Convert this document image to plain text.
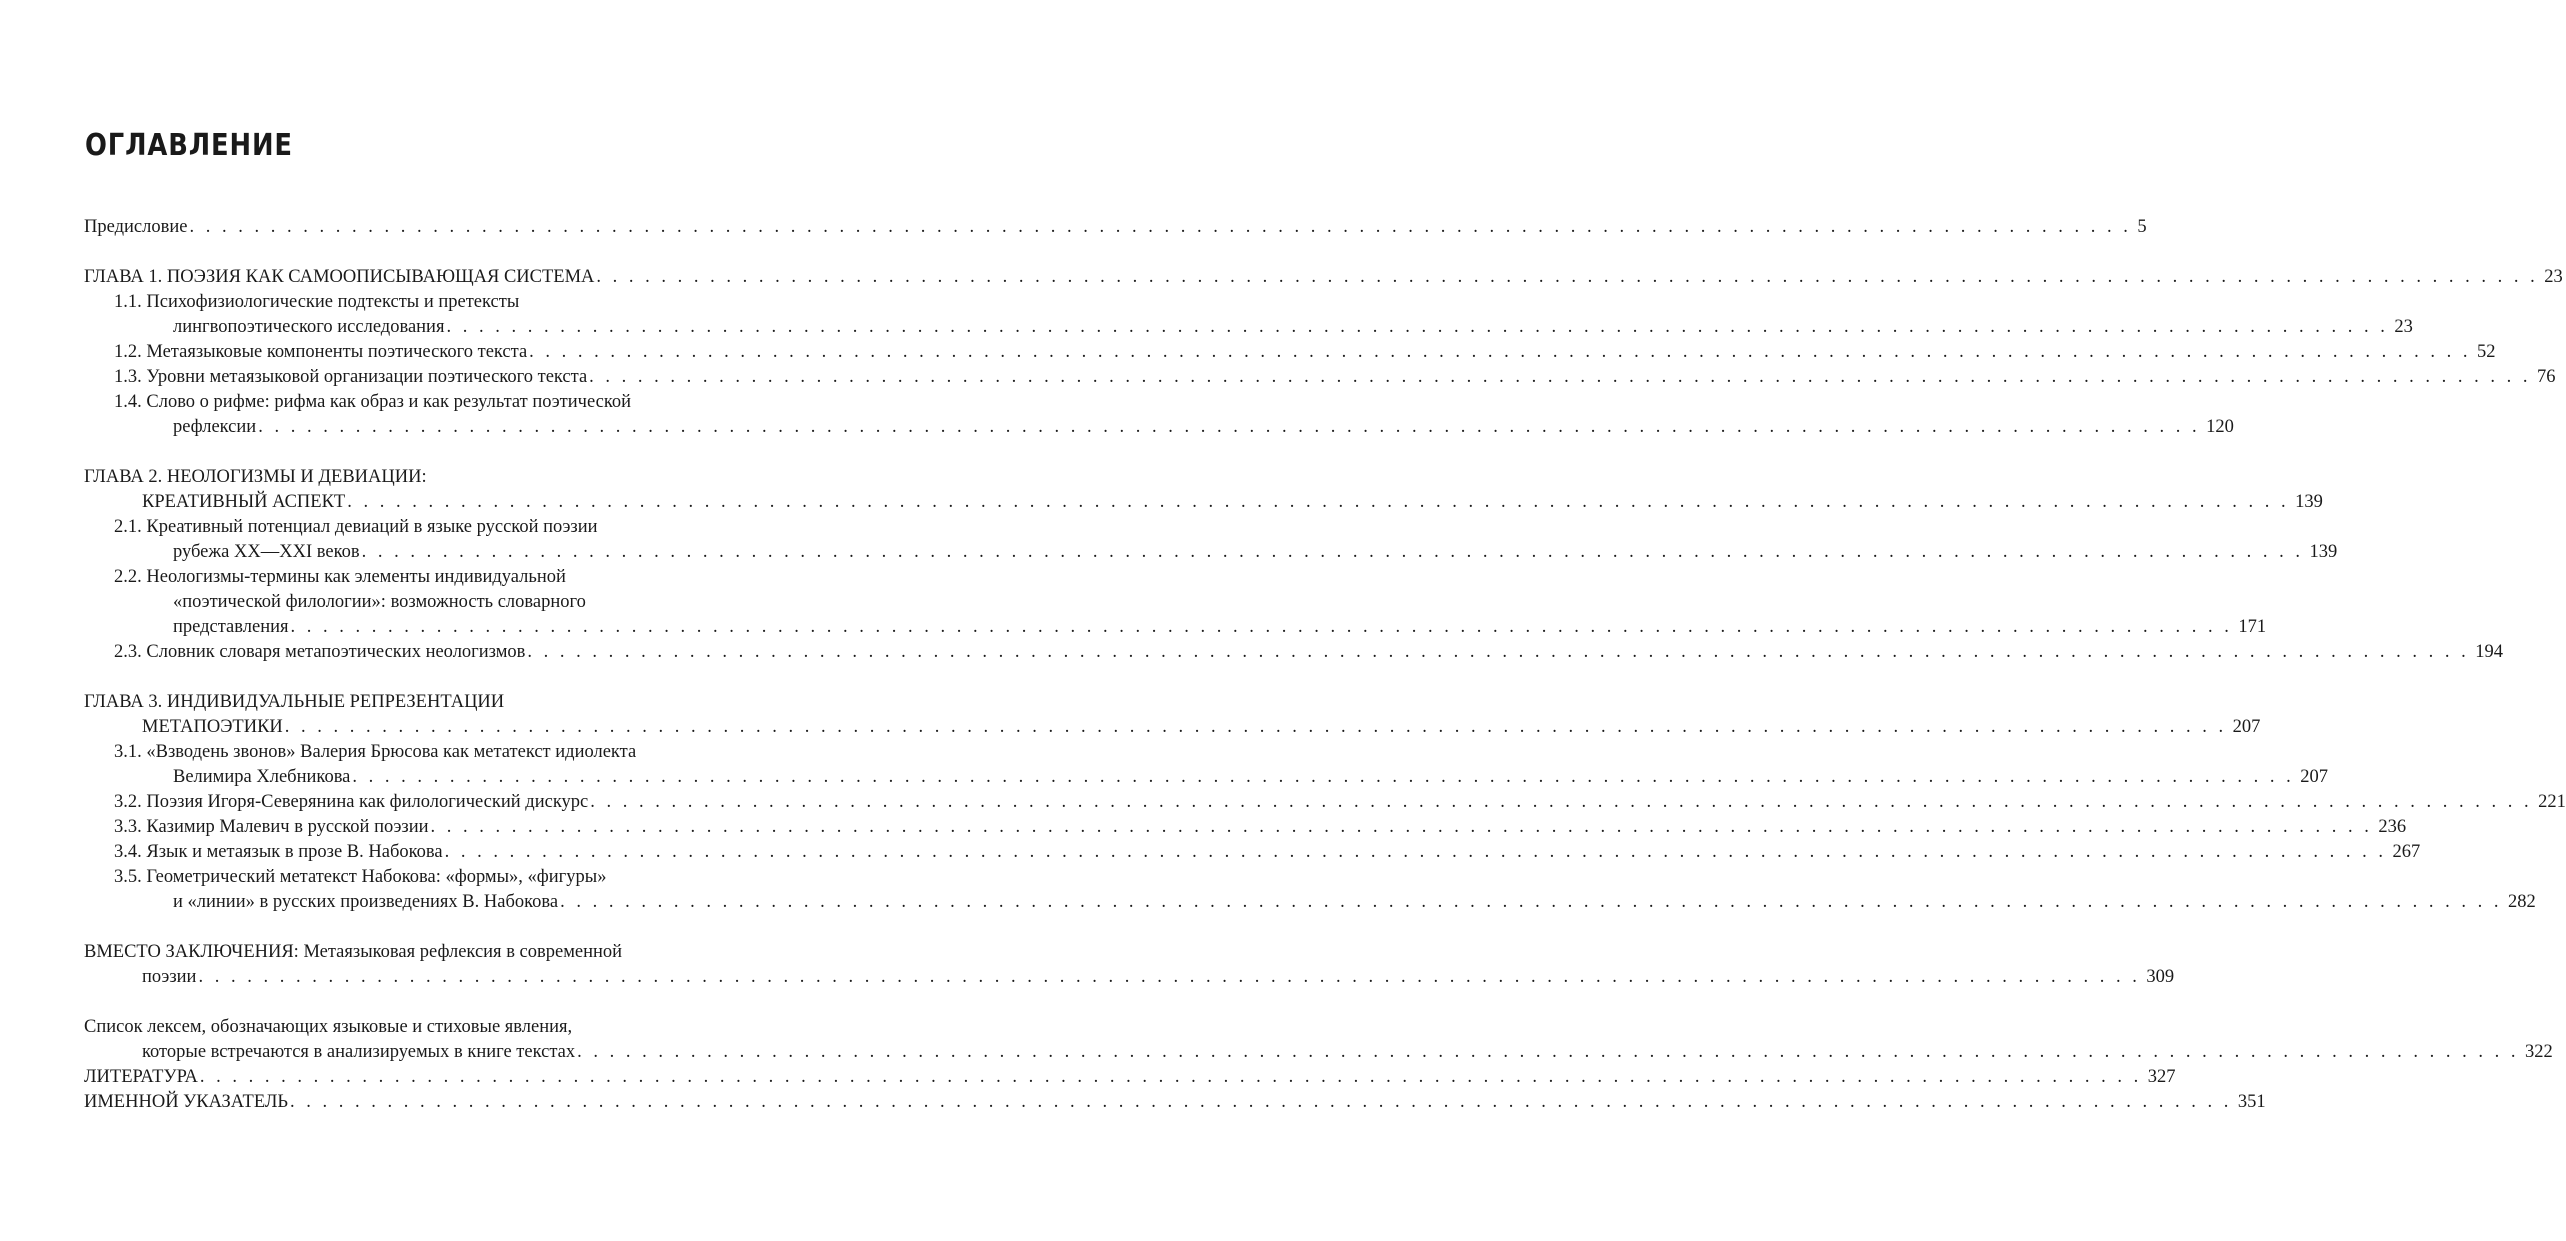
ОГЛАВЛЕНИЕ
Предисловие . . . . . . . . . . . . . . . . . . . . . . . . . . . . . . . . . . . . . . . . . . . . . . . . . . . . . . . . . . . . . . . . . . . . . . . . . . . . . . . . . . . . . . . . . . . . . . . . . . . . . . . . . . . . . . . . . . . . . . . . 5
ГЛАВА 1. ПОЭЗИЯ КАК САМООПИСЫВАЮЩАЯ СИСТЕМА . . . . . . . . . . . . . . . . . . . . . . . . . . . . . . . . . . . . . . . . . . . . . . . . . . . . . . . . . . . . . . . . . . . . . . . . . . . . . . . . . . . . . . . . . . . . . . . . . . . . . . . . . . . . . . . . . . . . . . . . 23
1.1. Психофизиологические подтексты и претексты
лингвопоэтического исследования . . . . . . . . . . . . . . . . . . . . . . . . . . . . . . . . . . . . . . . . . . . . . . . . . . . . . . . . . . . . . . . . . . . . . . . . . . . . . . . . . . . . . . . . . . . . . . . . . . . . . . . . . . . . . . . . . . . . . . . . 23
1.2. Метаязыковые компоненты поэтического текста . . . . . . . . . . . . . . . . . . . . . . . . . . . . . . . . . . . . . . . . . . . . . . . . . . . . . . . . . . . . . . . . . . . . . . . . . . . . . . . . . . . . . . . . . . . . . . . . . . . . . . . . . . . . . . . . . . . . . . . . 52
1.3. Уровни метаязыковой организации поэтического текста . . . . . . . . . . . . . . . . . . . . . . . . . . . . . . . . . . . . . . . . . . . . . . . . . . . . . . . . . . . . . . . . . . . . . . . . . . . . . . . . . . . . . . . . . . . . . . . . . . . . . . . . . . . . . . . . . . . . . . . . 76
1.4. Слово о рифме: рифма как образ и как результат поэтической
рефлексии . . . . . . . . . . . . . . . . . . . . . . . . . . . . . . . . . . . . . . . . . . . . . . . . . . . . . . . . . . . . . . . . . . . . . . . . . . . . . . . . . . . . . . . . . . . . . . . . . . . . . . . . . . . . . . . . . . . . . . . . 120
ГЛАВА 2. НЕОЛОГИЗМЫ И ДЕВИАЦИИ:
КРЕАТИВНЫЙ АСПЕКТ . . . . . . . . . . . . . . . . . . . . . . . . . . . . . . . . . . . . . . . . . . . . . . . . . . . . . . . . . . . . . . . . . . . . . . . . . . . . . . . . . . . . . . . . . . . . . . . . . . . . . . . . . . . . . . . . . . . . . . . . 139
2.1. Креативный потенциал девиаций в языке русской поэзии
рубежа XX—XXI веков . . . . . . . . . . . . . . . . . . . . . . . . . . . . . . . . . . . . . . . . . . . . . . . . . . . . . . . . . . . . . . . . . . . . . . . . . . . . . . . . . . . . . . . . . . . . . . . . . . . . . . . . . . . . . . . . . . . . . . . . 139
2.2. Неологизмы-термины как элементы индивидуальной
«поэтической филологии»: возможность словарного
представления . . . . . . . . . . . . . . . . . . . . . . . . . . . . . . . . . . . . . . . . . . . . . . . . . . . . . . . . . . . . . . . . . . . . . . . . . . . . . . . . . . . . . . . . . . . . . . . . . . . . . . . . . . . . . . . . . . . . . . . . 171
2.3. Словник словаря метапоэтических неологизмов . . . . . . . . . . . . . . . . . . . . . . . . . . . . . . . . . . . . . . . . . . . . . . . . . . . . . . . . . . . . . . . . . . . . . . . . . . . . . . . . . . . . . . . . . . . . . . . . . . . . . . . . . . . . . . . . . . . . . . . . 194
ГЛАВА 3. ИНДИВИДУАЛЬНЫЕ РЕПРЕЗЕНТАЦИИ
МЕТАПОЭТИКИ . . . . . . . . . . . . . . . . . . . . . . . . . . . . . . . . . . . . . . . . . . . . . . . . . . . . . . . . . . . . . . . . . . . . . . . . . . . . . . . . . . . . . . . . . . . . . . . . . . . . . . . . . . . . . . . . . . . . . . . . 207
3.1. «Взводень звонов» Валерия Брюсова как метатекст идиолекта
Велимира Хлебникова . . . . . . . . . . . . . . . . . . . . . . . . . . . . . . . . . . . . . . . . . . . . . . . . . . . . . . . . . . . . . . . . . . . . . . . . . . . . . . . . . . . . . . . . . . . . . . . . . . . . . . . . . . . . . . . . . . . . . . . . 207
3.2. Поэзия Игоря-Северянина как филологический дискурс . . . . . . . . . . . . . . . . . . . . . . . . . . . . . . . . . . . . . . . . . . . . . . . . . . . . . . . . . . . . . . . . . . . . . . . . . . . . . . . . . . . . . . . . . . . . . . . . . . . . . . . . . . . . . . . . . . . . . . . . 221
3.3. Казимир Малевич в русской поэзии . . . . . . . . . . . . . . . . . . . . . . . . . . . . . . . . . . . . . . . . . . . . . . . . . . . . . . . . . . . . . . . . . . . . . . . . . . . . . . . . . . . . . . . . . . . . . . . . . . . . . . . . . . . . . . . . . . . . . . . . 236
3.4. Язык и метаязык в прозе В. Набокова . . . . . . . . . . . . . . . . . . . . . . . . . . . . . . . . . . . . . . . . . . . . . . . . . . . . . . . . . . . . . . . . . . . . . . . . . . . . . . . . . . . . . . . . . . . . . . . . . . . . . . . . . . . . . . . . . . . . . . . . 267
3.5. Геометрический метатекст Набокова: «формы», «фигуры»
и «линии» в русских произведениях В. Набокова . . . . . . . . . . . . . . . . . . . . . . . . . . . . . . . . . . . . . . . . . . . . . . . . . . . . . . . . . . . . . . . . . . . . . . . . . . . . . . . . . . . . . . . . . . . . . . . . . . . . . . . . . . . . . . . . . . . . . . . . 282
ВМЕСТО ЗАКЛЮЧЕНИЯ: Метаязыковая рефлексия в современной
поэзии . . . . . . . . . . . . . . . . . . . . . . . . . . . . . . . . . . . . . . . . . . . . . . . . . . . . . . . . . . . . . . . . . . . . . . . . . . . . . . . . . . . . . . . . . . . . . . . . . . . . . . . . . . . . . . . . . . . . . . . . 309
Список лексем, обозначающих языковые и стиховые явления,
которые встречаются в анализируемых в книге текстах . . . . . . . . . . . . . . . . . . . . . . . . . . . . . . . . . . . . . . . . . . . . . . . . . . . . . . . . . . . . . . . . . . . . . . . . . . . . . . . . . . . . . . . . . . . . . . . . . . . . . . . . . . . . . . . . . . . . . . . . 322
ЛИТЕРАТУРА . . . . . . . . . . . . . . . . . . . . . . . . . . . . . . . . . . . . . . . . . . . . . . . . . . . . . . . . . . . . . . . . . . . . . . . . . . . . . . . . . . . . . . . . . . . . . . . . . . . . . . . . . . . . . . . . . . . . . . . . 327
ИМЕННОЙ УКАЗАТЕЛЬ . . . . . . . . . . . . . . . . . . . . . . . . . . . . . . . . . . . . . . . . . . . . . . . . . . . . . . . . . . . . . . . . . . . . . . . . . . . . . . . . . . . . . . . . . . . . . . . . . . . . . . . . . . . . . . . . . . . . . . . . 351
